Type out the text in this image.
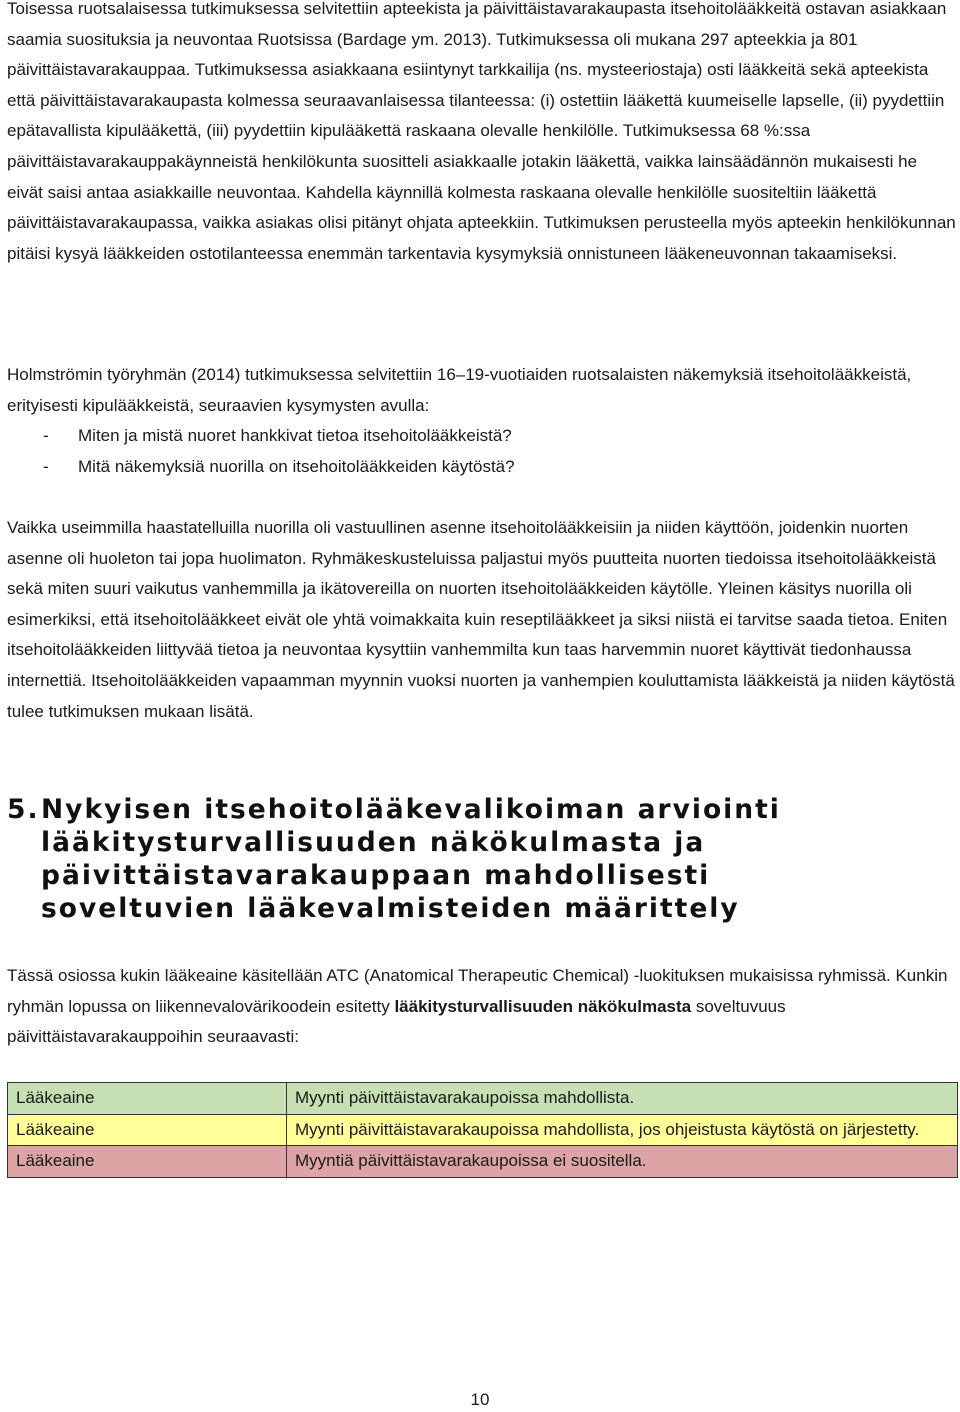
Toisessa ruotsalaisessa tutkimuksessa selvitettiin apteekista ja päivittäistavarakaupasta itsehoitolääkkeitä ostavan asiakkaan saamia suosituksia ja neuvontaa Ruotsissa (Bardage ym. 2013). Tutkimuksessa oli mukana 297 apteekkia ja 801 päivittäistavarakauppaa. Tutkimuksessa asiakkaana esiintynyt tarkkailija (ns. mysteeriostaja) osti lääkkeitä sekä apteekista että päivittäistavarakaupasta kolmessa seuraavanlaisessa tilanteessa: (i) ostettiin lääkettä kuumeiselle lapselle, (ii) pyydettiin epätavallista kipulääkettä, (iii) pyydettiin kipulääkettä raskaana olevalle henkilölle. Tutkimuksessa 68 %:ssa päivittäistavarakauppakäynneistä henkilökunta suositteli asiakkaalle jotakin lääkettä, vaikka lainsäädännön mukaisesti he eivät saisi antaa asiakkaille neuvontaa. Kahdella käynnillä kolmesta raskaana olevalle henkilölle suositeltiin lääkettä päivittäistavarakaupassa, vaikka asiakas olisi pitänyt ohjata apteekkiin. Tutkimuksen perusteella myös apteekin henkilökunnan pitäisi kysyä lääkkeiden ostotilanteessa enemmän tarkentavia kysymyksiä onnistuneen lääkeneuvonnan takaamiseksi.

Holmströmin työryhmän (2014) tutkimuksessa selvitettiin 16–19-vuotiaiden ruotsalaisten näkemyksiä itsehoitolääkkeistä, erityisesti kipulääkkeistä, seuraavien kysymysten avulla:

- Miten ja mistä nuoret hankkivat tietoa itsehoitolääkkeistä?
- Mitä näkemyksiä nuorilla on itsehoitolääkkeiden käytöstä?

Vaikka useimmilla haastatelluilla nuorilla oli vastuullinen asenne itsehoitolääkkeisiin ja niiden käyttöön, joidenkin nuorten asenne oli huoleton tai jopa huolimaton. Ryhmäkeskusteluissa paljastui myös puutteita nuorten tiedoissa itsehoitolääkkeistä sekä miten suuri vaikutus vanhemmilla ja ikätovereilla on nuorten itsehoitolääkkeiden käytölle. Yleinen käsitys nuorilla oli esimerkiksi, että itsehoitolääkkeet eivät ole yhtä voimakkaita kuin reseptilääkkeet ja siksi niistä ei tarvitse saada tietoa. Eniten itsehoitolääkkeiden liittyvää tietoa ja neuvontaa kysyttiin vanhemmilta kun taas harvemmin nuoret käyttivät tiedonhaussa internettiä. Itsehoitolääkkeiden vapaamman myynnin vuoksi nuorten ja vanhempien kouluttamista lääkkeistä ja niiden käytöstä tulee tutkimuksen mukaan lisätä.

5. Nykyisen itsehoitolääkevalikoiman arviointi lääkitysturvallisuuden näkökulmasta ja päivittäistavarakauppaan mahdollisesti soveltuvien lääkevalmisteiden määrittely

Tässä osiossa kukin lääkeaine käsitellään ATC (Anatomical Therapeutic Chemical) -luokituksen mukaisissa ryhmissä. Kunkin ryhmän lopussa on liikennevalovärikoodein esitetty lääkitysturvallisuuden näkökulmasta soveltuvuus päivittäistavarakauppoihin seuraavasti:

Lääkeaine	Myynti päivittäistavarakaupoissa mahdollista.
Lääkeaine	Myynti päivittäistavarakaupoissa mahdollista, jos ohjeistusta käytöstä on järjestetty.
Lääkeaine	Myyntiä päivittäistavarakaupoissa ei suositella.
10
